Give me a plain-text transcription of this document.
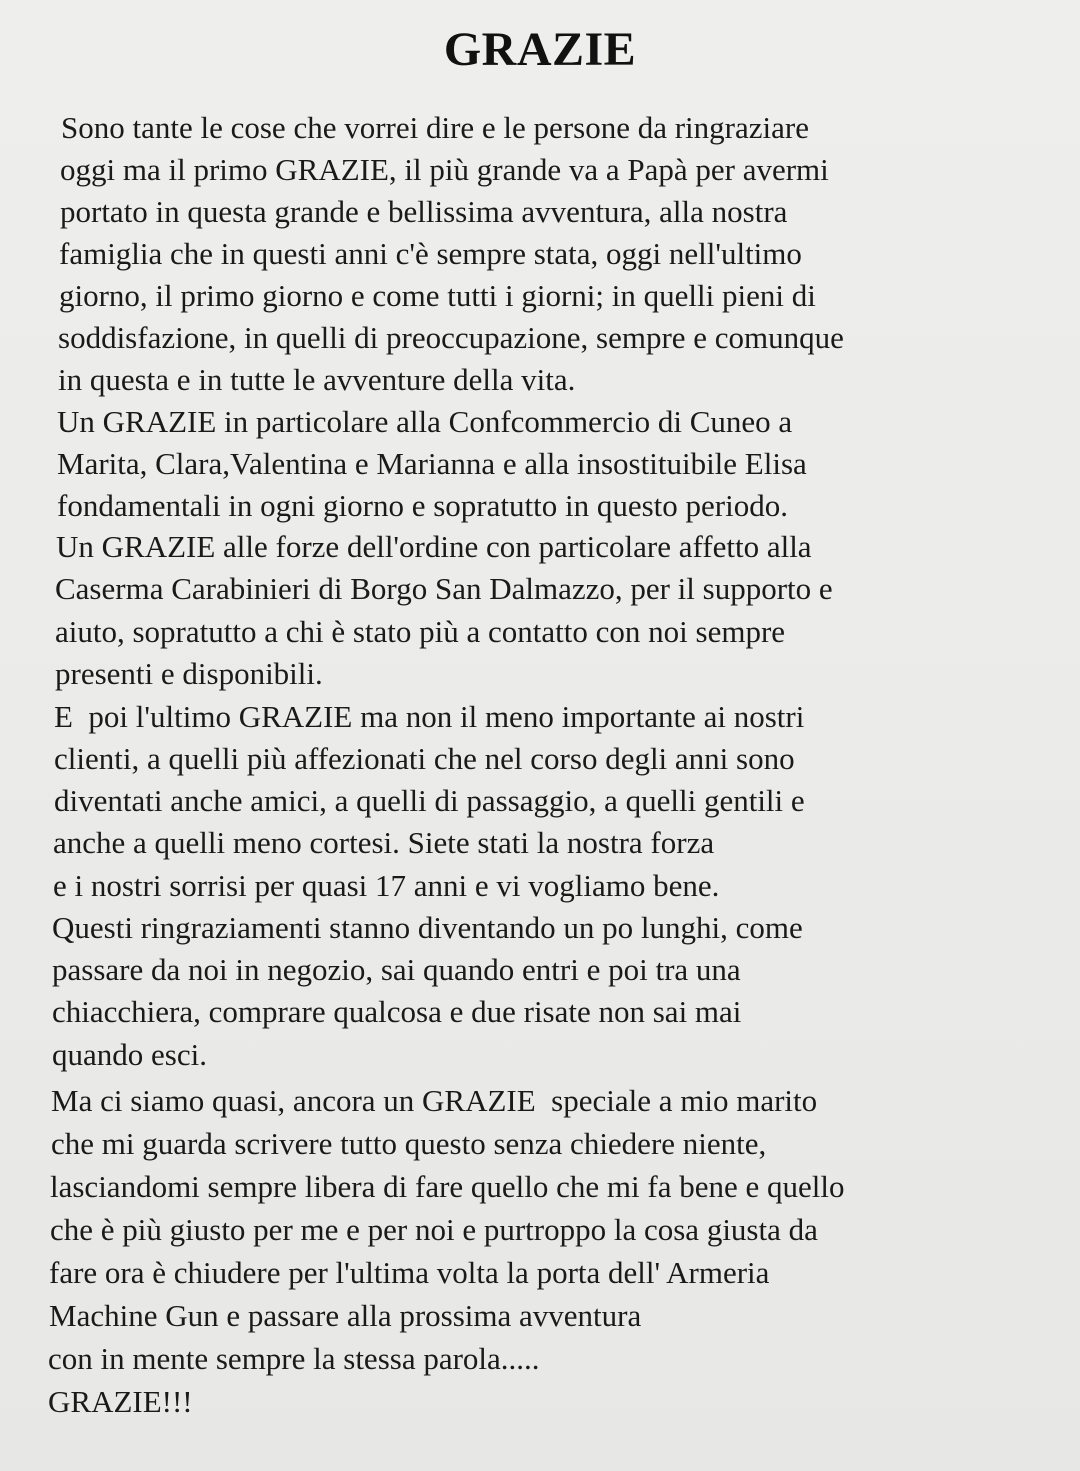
GRAZIE
Sono tante le cose che vorrei dire e le persone da ringraziare
oggi ma il primo GRAZIE, il più grande va a Papà per avermi
portato in questa grande e bellissima avventura, alla nostra
famiglia che in questi anni c'è sempre stata, oggi nell'ultimo
giorno, il primo giorno e come tutti i giorni; in quelli pieni di
soddisfazione, in quelli di preoccupazione, sempre e comunque
in questa e in tutte le avventure della vita.
Un GRAZIE in particolare alla Confcommercio di Cuneo a
Marita, Clara,Valentina e Marianna e alla insostituibile Elisa
fondamentali in ogni giorno e sopratutto in questo periodo.
Un GRAZIE alle forze dell'ordine con particolare affetto alla
Caserma Carabinieri di Borgo San Dalmazzo, per il supporto e
aiuto, sopratutto a chi è stato più a contatto con noi sempre
presenti e disponibili.
E  poi l'ultimo GRAZIE ma non il meno importante ai nostri
clienti, a quelli più affezionati che nel corso degli anni sono
diventati anche amici, a quelli di passaggio, a quelli gentili e
anche a quelli meno cortesi. Siete stati la nostra forza
e i nostri sorrisi per quasi 17 anni e vi vogliamo bene.
Questi ringraziamenti stanno diventando un po lunghi, come
passare da noi in negozio, sai quando entri e poi tra una
chiacchiera, comprare qualcosa e due risate non sai mai
quando esci.
Ma ci siamo quasi, ancora un GRAZIE  speciale a mio marito
che mi guarda scrivere tutto questo senza chiedere niente,
lasciandomi sempre libera di fare quello che mi fa bene e quello
che è più giusto per me e per noi e purtroppo la cosa giusta da
fare ora è chiudere per l'ultima volta la porta dell' Armeria
Machine Gun e passare alla prossima avventura
con in mente sempre la stessa parola.....
GRAZIE!!!
